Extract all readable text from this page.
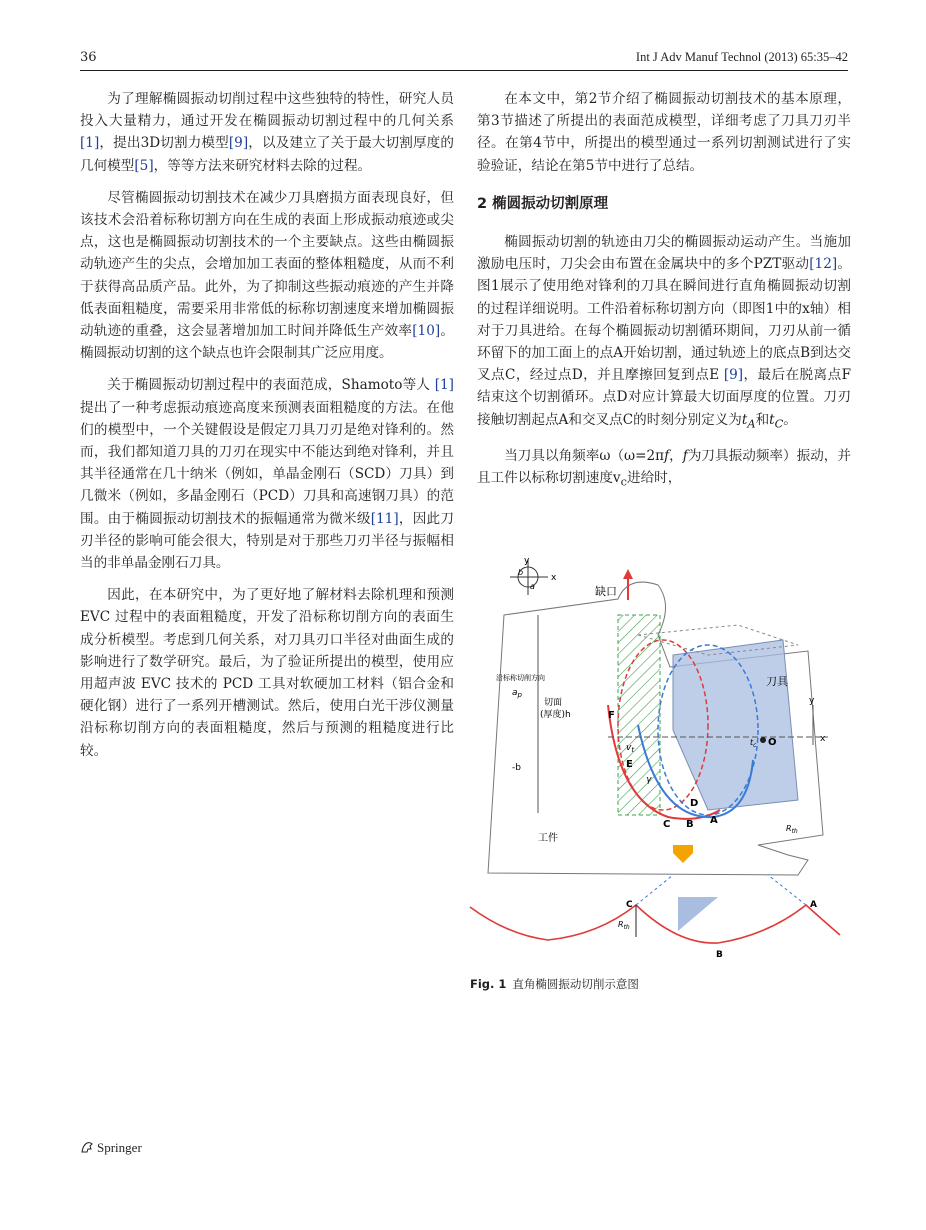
36	Int J Adv Manuf Technol (2013) 65:35–42

为了理解椭圆振动切削过程中这些独特的特性，研究人员投入大量精力，通过开发在椭圆振动切割过程中的几何关系[1]，提出3D切割力模型[9]，以及建立了关于最大切割厚度的几何模型[5]，等等方法来研究材料去除的过程。

尽管椭圆振动切割技术在减少刀具磨损方面表现良好，但该技术会沿着标称切割方向在生成的表面上形成振动痕迹或尖点，这也是椭圆振动切割技术的一个主要缺点。这些由椭圆振动轨迹产生的尖点，会增加加工表面的整体粗糙度，从而不利于获得高品质产品。此外，为了抑制这些振动痕迹的产生并降低表面粗糙度，需要采用非常低的标称切割速度来增加椭圆振动轨迹的重叠，这会显著增加加工时间并降低生产效率[10]。椭圆振动切割的这个缺点也许会限制其广泛应用度。

关于椭圆振动切割过程中的表面范成，Shamoto等人 [1]提出了一种考虑振动痕迹高度来预测表面粗糙度的方法。在他们的模型中，一个关键假设是假定刀具刀刃是绝对锋利的。然而，我们都知道刀具的刀刃在现实中不能达到绝对锋利，并且其半径通常在几十纳米（例如，单晶金刚石（SCD）刀具）到几微米（例如，多晶金刚石（PCD）刀具和高速钢刀具）的范围。由于椭圆振动切割技术的振幅通常为微米级[11]，因此刀刃半径的影响可能会很大，特别是对于那些刀刃半径与振幅相当的非单晶金刚石刀具。

因此，在本研究中，为了更好地了解材料去除机理和预测 EVC 过程中的表面粗糙度，开发了沿标称切削方向的表面生成分析模型。考虑到几何关系，对刀具刃口半径对曲面生成的影响进行了数学研究。最后，为了验证所提出的模型，使用应用超声波 EVC 技术的 PCD 工具对软硬加工材料（铝合金和硬化钢）进行了一系列开槽测试。然后，使用白光干涉仪测量沿标称切削方向的表面粗糙度，然后与预测的粗糙度进行比较。

在本文中，第2节介绍了椭圆振动切割技术的基本原理，第3节描述了所提出的表面范成模型，详细考虑了刀具刀刃半径。在第4节中，所提出的模型通过一系列切割测试进行了实验验证，结论在第5节中进行了总结。

2 椭圆振动切割原理

椭圆振动切割的轨迹由刀尖的椭圆振动运动产生。当施加激励电压时，刀尖会由布置在金属块中的多个PZT驱动[12]。图1展示了使用绝对锋利的刀具在瞬间进行直角椭圆振动切割的过程详细说明。工件沿着标称切割方向（即图1中的x轴）相对于刀具进给。在每个椭圆振动切割循环期间，刀刃从前一循环留下的加工面上的点A开始切割，通过轨迹上的底点B到达交叉点C，经过点D，并且摩擦回复到点E [9]，最后在脱离点F结束这个切割循环。点D对应计算最大切面厚度的位置。刀刃接触切割起点A和交叉点C的时刻分别定义为$t_A$和$t_C$。

当刀具以角频率ω（ω=2πf，f为刀具振动频率）振动，并且工件以标称切割速度$v_c$进给时，

y
x
y
x
b
a	缺口
刀具
沿标称切削方向
$a_p$
切面
(厚度)h
-b
F
E
D
C B A
O
$t_c$
$v_t$
γ
$R_{th}$
工件
C	A
B
$R_{th}$
Fig. 1 直角椭圆振动切削示意图
Springer
